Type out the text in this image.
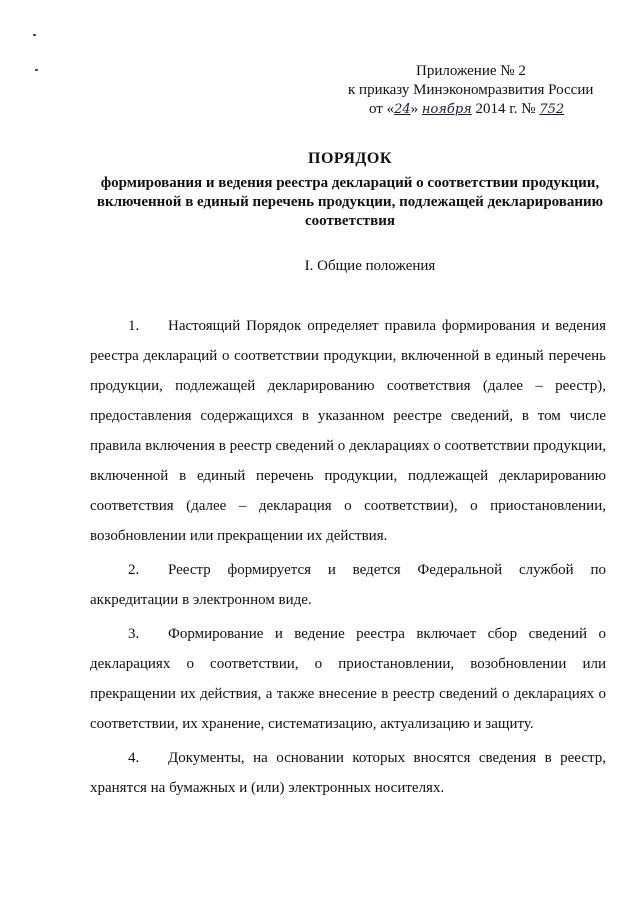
Приложение № 2
к приказу Минэкономразвития России
от «24» ноября 2014 г. № 752
ПОРЯДОК
формирования и ведения реестра деклараций о соответствии продукции, включенной в единый перечень продукции, подлежащей декларированию соответствия
I. Общие положения

1. Настоящий Порядок определяет правила формирования и ведения реестра деклараций о соответствии продукции, включенной в единый перечень продукции, подлежащей декларированию соответствия (далее – реестр), предоставления содержащихся в указанном реестре сведений, в том числе правила включения в реестр сведений о декларациях о соответствии продукции, включенной в единый перечень продукции, подлежащей декларированию соответствия (далее – декларация о соответствии), о приостановлении, возобновлении или прекращении их действия.

2. Реестр формируется и ведется Федеральной службой по аккредитации в электронном виде.

3. Формирование и ведение реестра включает сбор сведений о декларациях о соответствии, о приостановлении, возобновлении или прекращении их действия, а также внесение в реестр сведений о декларациях о соответствии, их хранение, систематизацию, актуализацию и защиту.

4. Документы, на основании которых вносятся сведения в реестр, хранятся на бумажных и (или) электронных носителях.
